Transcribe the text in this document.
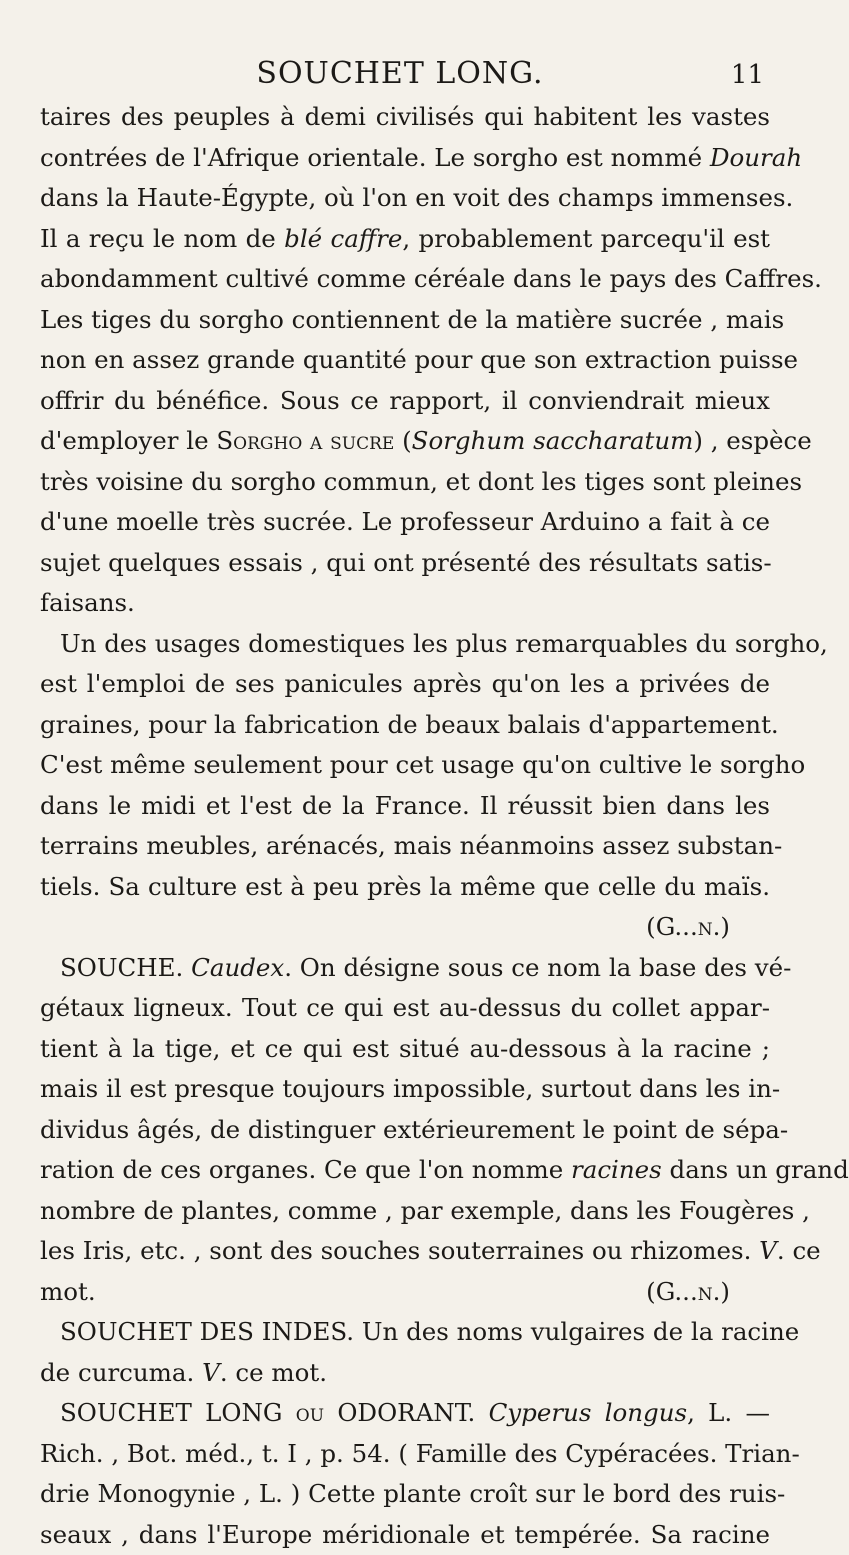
SOUCHET LONG.	11
taires des peuples à demi civilisés qui habitent les vastes
contrées de l'Afrique orientale. Le sorgho est nommé Dourah
dans la Haute-Égypte, où l'on en voit des champs immenses.
Il a reçu le nom de blé caffre, probablement parcequ'il est
abondamment cultivé comme céréale dans le pays des Caffres.
Les tiges du sorgho contiennent de la matière sucrée , mais
non en assez grande quantité pour que son extraction puisse
offrir du bénéfice. Sous ce rapport, il conviendrait mieux
d'employer le Sorgho a sucre (Sorghum saccharatum) , espèce
très voisine du sorgho commun, et dont les tiges sont pleines
d'une moelle très sucrée. Le professeur Arduino a fait à ce
sujet quelques essais , qui ont présenté des résultats satis-
faisans.
Un des usages domestiques les plus remarquables du sorgho,
est l'emploi de ses panicules après qu'on les a privées de
graines, pour la fabrication de beaux balais d'appartement.
C'est même seulement pour cet usage qu'on cultive le sorgho
dans le midi et l'est de la France. Il réussit bien dans les
terrains meubles, arénacés, mais néanmoins assez substan-
tiels. Sa culture est à peu près la même que celle du maïs.
(G...n.)
SOUCHE. Caudex. On désigne sous ce nom la base des vé-
gétaux ligneux. Tout ce qui est au-dessus du collet appar-
tient à la tige, et ce qui est situé au-dessous à la racine ;
mais il est presque toujours impossible, surtout dans les in-
dividus âgés, de distinguer extérieurement le point de sépa-
ration de ces organes. Ce que l'on nomme racines dans un grand
nombre de plantes, comme , par exemple, dans les Fougères ,
les Iris, etc. , sont des souches souterraines ou rhizomes. V. ce
mot.	(G...n.)
SOUCHET DES INDES. Un des noms vulgaires de la racine
de curcuma. V. ce mot.
SOUCHET LONG ou ODORANT. Cyperus longus, L. —
Rich. , Bot. méd., t. I , p. 54. ( Famille des Cypéracées. Trian-
drie Monogynie , L. ) Cette plante croît sur le bord des ruis-
seaux , dans l'Europe méridionale et tempérée. Sa racine
